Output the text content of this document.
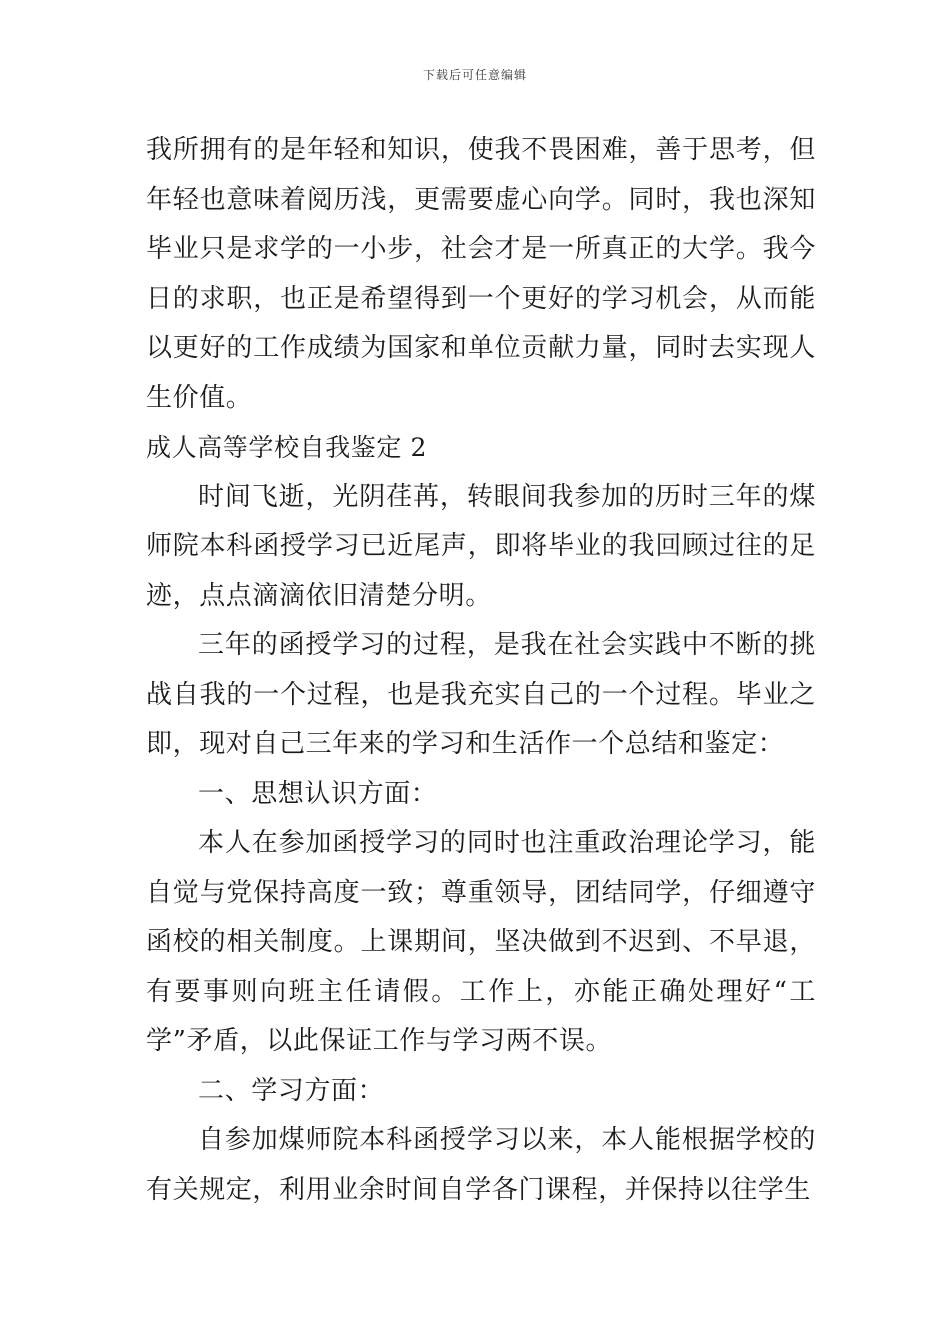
下载后可任意编辑

我所拥有的是年轻和知识，使我不畏困难，善于思考，但年轻也意味着阅历浅，更需要虚心向学。同时，我也深知毕业只是求学的一小步，社会才是一所真正的大学。我今日的求职，也正是希望得到一个更好的学习机会，从而能以更好的工作成绩为国家和单位贡献力量，同时去实现人生价值。

成人高等学校自我鉴定 2

时间飞逝，光阴荏苒，转眼间我参加的历时三年的煤师院本科函授学习已近尾声，即将毕业的我回顾过往的足迹，点点滴滴依旧清楚分明。

三年的函授学习的过程，是我在社会实践中不断的挑战自我的一个过程，也是我充实自己的一个过程。毕业之即，现对自己三年来的学习和生活作一个总结和鉴定：

一、思想认识方面：

本人在参加函授学习的同时也注重政治理论学习，能自觉与党保持高度一致；尊重领导，团结同学，仔细遵守函校的相关制度。上课期间，坚决做到不迟到、不早退，有要事则向班主任请假。工作上，亦能正确处理好“工学”矛盾，以此保证工作与学习两不误。

二、学习方面：

自参加煤师院本科函授学习以来，本人能根据学校的有关规定，利用业余时间自学各门课程，并保持以往学生
